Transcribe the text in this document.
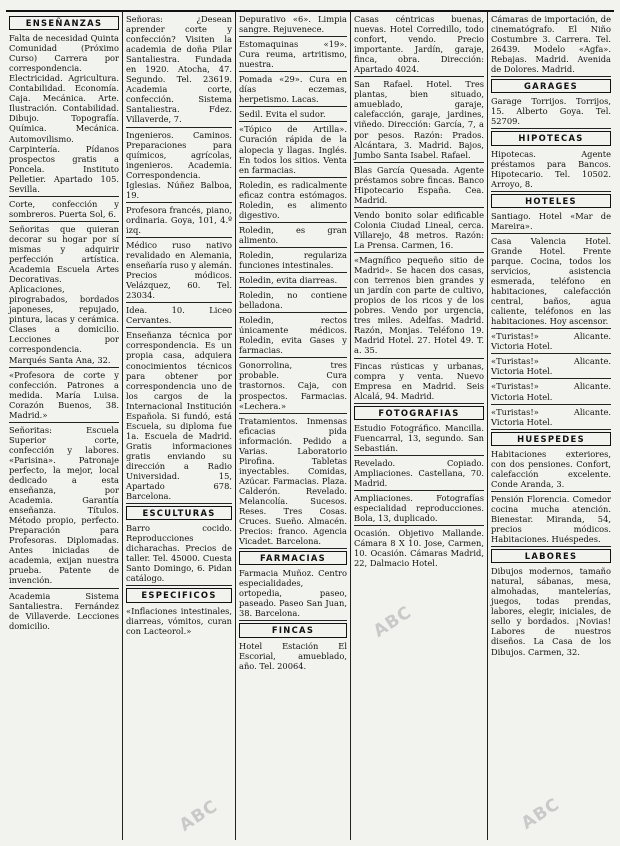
ENSEÑANZAS
Falta de necesidad Quinta Comunidad (Próximo Curso) Carrera por correspondencia. Electricidad. Agricultura. Contabilidad. Economía. Caja. Mecánica. Arte. Ilustración. Contabilidad. Dibujo. Topografía. Química. Mecánica. Automovilismo. Carpintería. Pídanos prospectos gratis a Poncela. Instituto Pelletier. Apartado 105. Sevilla.
Corte, confección y sombreros. Puerta Sol, 6.
Señoritas que quieran decorar su hogar por sí mismas y adquirir perfección artística. Academia Escuela Artes Decorativas. Aplicaciones, pirograbados, bordados japoneses, repujado, pintura, lacas y cerámica. Clases a domicilio. Lecciones por correspondencia. Marqués Santa Ana, 32.
«Profesora de corte y confección. Patrones a medida. María Luisa. Corazón Buenos, 38. Madrid.»
Señoritas: Escuela Superior corte, confección y labores. «Parisina». Patronaje perfecto, la mejor, local dedicado a esta enseñanza, por Academia. Garantía enseñanza. Títulos. Método propio, perfecto. Preparación para Profesoras. Diplomadas. Antes iniciadas de academia, exijan nuestra prueba. Patente de invención.
Academia Sistema Santaliestra. Fernández de Villaverde. Lecciones domicilio.
Señoras: ¿Desean aprender corte y confección? Visiten la academia de doña Pilar Santaliestra. Fundada en 1920. Atocha, 47. Segundo. Tel. 23619. Academia corte, confección. Sistema Santaliestra. Fdez. Villaverde, 7.
Ingenieros. Caminos. Preparaciones para químicos, agrícolas, ingenieros. Academia. Correspondencia. Iglesias. Núñez Balboa, 19.
Profesora francés, piano, ordinaria. Goya, 101, 4.º izq.
Médico ruso nativo revalidado en Alemania, enseñaría ruso y alemán. Precios módicos. Velázquez, 60. Tel. 23034.
Idea. 10. Liceo Cervantes.
Enseñanza técnica por correspondencia. Es un propia casa, adquiera conocimientos técnicos para obtener por correspondencia uno de los cargos de la Internacional Institución Española. Si fundó, está Escuela, su diploma fue 1a. Escuela de Madrid. Gratis informaciones gratis enviando su dirección a Radio Universidad. 15, Apartado 678. Barcelona.
ESCULTURAS
Barro cocido. Reproducciones dicharachas. Precios de taller. Tel. 45000. Cuesta Santo Domingo, 6. Pidan catálogo.
ESPECIFICOS
«Inflaciones intestinales, diarreas, vómitos, curan con Lacteorol.»
Depurativo «6». Limpia sangre. Rejuvenece.
Estomaquinas «19». Cura reuma, artritismo, nuestra.
Pomada «29». Cura en días eczemas, herpetismo. Lacas.
Sedil. Evita el sudor.
«Tópico de Artilla». Curación rápida de la alopecia y llagas. Inglés. En todos los sitios. Venta en farmacias.
Roledin, es radicalmente eficaz contra estómagos. Roledin, es alimento digestivo.
Roledin, es gran alimento.
Roledin, regulariza funciones intestinales.
Roledin, evita diarreas.
Roledin, no contiene belladona.
Roledin, rectos únicamente médicos. Roledin, evita Gases y farmacias.
Gonorrolina, tres probable. Cura trastornos. Caja, con prospectos. Farmacias. «Lechera.»
Tratamientos. Inmensas eficacias pida información. Pedido a Varias. Laboratorio Pirofina. Tabletas inyectables. Comidas, Azúcar. Farmacias. Plaza. Calderón. Revelado. Melancolía. Sucesos. Reses. Tres Cosas. Cruces. Sueño. Almacén. Precios: franco. Agencia Vicadet. Barcelona.
FARMACIAS
Farmacia Muñoz. Centro especialidades, ortopedia, paseo, paseado. Paseo San Juan, 38. Barcelona.
FINCAS
Hotel Estación El Escorial, amueblado, año. Tel. 20064.
Casas céntricas buenas, nuevas. Hotel Corredillo, todo confort, vendo. Precio importante. Jardín, garaje, finca, obra. Dirección: Apartado 4024.
San Rafael. Hotel. Tres plantas, bien situado, amueblado, garaje, calefacción, garaje, jardines, viñedo. Dirección: García, 7, a por pesos. Razón: Prados. Alcántara, 3. Madrid. Bajos, Jumbo Santa Isabel. Rafael.
Blas García Quesada. Agente préstamos sobre fincas. Banco Hipotecario España. Cea. Madrid.
Vendo bonito solar edificable Colonia Ciudad Lineal, cerca. Villarejo, 48 metros. Razón: La Prensa. Carmen, 16.
«Magnífico pequeño sitio de Madrid». Se hacen dos casas, con terrenos bien grandes y un jardín con parte de cultivo, propios de los ricos y de los pobres. Vendo por urgencia, tres miles. Adelfas. Madrid. Razón, Monjas. Teléfono 19. Madrid Hotel. 27. Hotel 49. T. a. 35.
Fincas rústicas y urbanas, compra y venta. Nuevo Empresa en Madrid. Seis Alcalá, 94. Madrid.
FOTOGRAFIAS
Estudio Fotográfico. Mancilla. Fuencarral, 13, segundo. San Sebastián.
Revelado. Copiado. Ampliaciones. Castellana, 70. Madrid.
Ampliaciones. Fotografías especialidad reproducciones. Bola, 13, duplicado.
Ocasión. Objetivo Mallande. Cámara 8 X 10. Jose, Carmen, 10. Ocasión. Cámaras Madrid, 22, Dalmacio Hotel.
Cámaras de importación, de cinematógrafo. El Niño Costumbre 3. Carrera. Tel. 26439. Modelo «Agfa». Rebajas. Madrid. Avenida de Dolores. Madrid.
GARAGES
Garage Torrijos. Torrijos, 15. Alberto Goya. Tel. 52709.
HIPOTECAS
Hipotecas. Agente préstamos para Bancos. Hipotecario. Tel. 10502. Arroyo, 8.
HOTELES
Santiago. Hotel «Mar de Mareira».
Casa Valencia Hotel. Grande Hotel. Frente parque. Cocina, todos los servicios, asistencia esmerada, teléfono en habitaciones, calefacción central, baños, agua caliente, teléfonos en las habitaciones. Hoy ascensor.
«Turistas!» Alicante. Victoria Hotel.
«Turistas!» Alicante. Victoria Hotel.
«Turistas!» Alicante. Victoria Hotel.
«Turistas!» Alicante. Victoria Hotel.
HUESPEDES
Habitaciones exteriores, con dos pensiones. Confort, calefacción excelente. Conde Aranda, 3.
Pensión Florencia. Comedor cocina mucha atención. Bienestar. Miranda, 54, precios módicos. Habitaciones. Huéspedes.
LABORES
Dibujos modernos, tamaño natural, sábanas, mesa, almohadas, mantelerías, juegos, todas prendas, labores, elegir, iniciales, de sello y bordados. ¡Novias! Labores de nuestros diseños. La Casa de los Dibujos. Carmen, 32.
ABC
ABC
ABC
